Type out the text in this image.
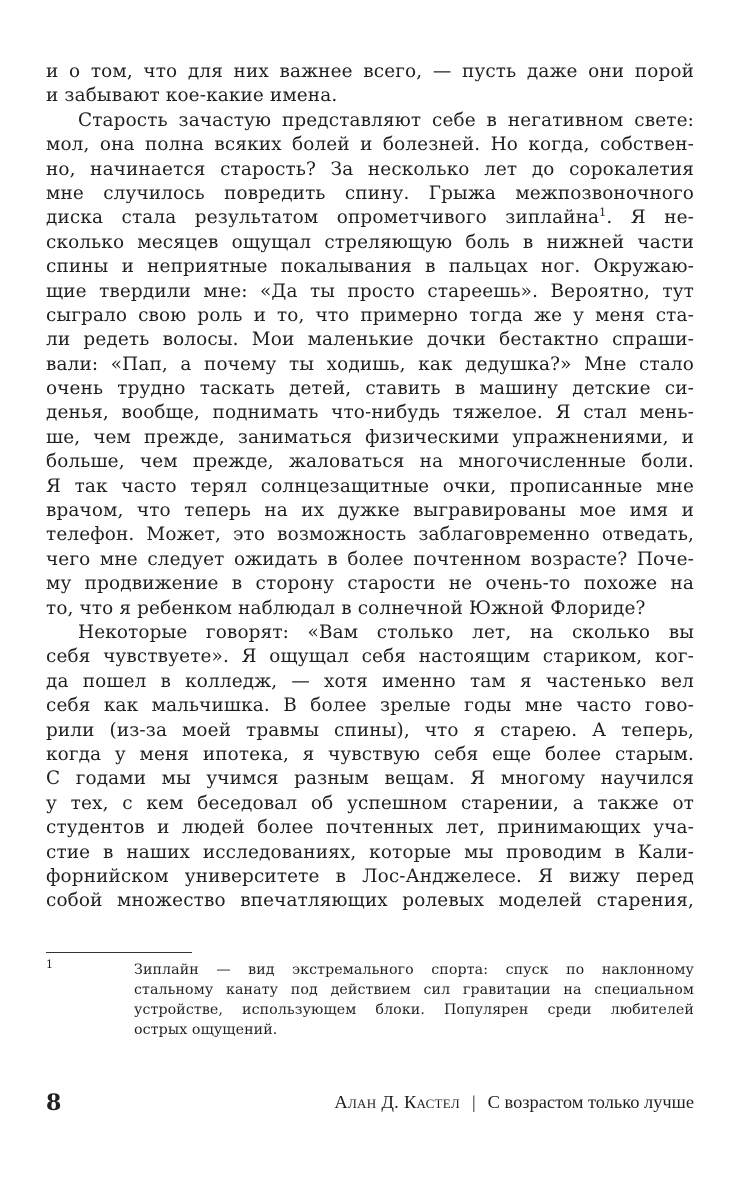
и о том, что для них важнее всего, — пусть даже они порой
и забывают кое-какие имена.
Старость зачастую представляют себе в негативном свете:
мол, она полна всяких болей и болезней. Но когда, собствен-
но, начинается старость? За несколько лет до сорокалетия
мне случилось повредить спину. Грыжа межпозвоночного
диска стала результатом опрометчивого зиплайна$^1$. Я не-
сколько месяцев ощущал стреляющую боль в нижней части
спины и неприятные покалывания в пальцах ног. Окружаю-
щие твердили мне: «Да ты просто стареешь». Вероятно, тут
сыграло свою роль и то, что примерно тогда же у меня ста-
ли редеть волосы. Мои маленькие дочки бестактно спраши-
вали: «Пап, а почему ты ходишь, как дедушка?» Мне стало
очень трудно таскать детей, ставить в машину детские си-
денья, вообще, поднимать что-нибудь тяжелое. Я стал мень-
ше, чем прежде, заниматься физическими упражнениями, и
больше, чем прежде, жаловаться на многочисленные боли.
Я так часто терял солнцезащитные очки, прописанные мне
врачом, что теперь на их дужке выгравированы мое имя и
телефон. Может, это возможность заблаговременно отведать,
чего мне следует ожидать в более почтенном возрасте? Поче-
му продвижение в сторону старости не очень-то похоже на
то, что я ребенком наблюдал в солнечной Южной Флориде?
Некоторые говорят: «Вам столько лет, на сколько вы
себя чувствуете». Я ощущал себя настоящим стариком, ког-
да пошел в колледж, — хотя именно там я частенько вел
себя как мальчишка. В более зрелые годы мне часто гово-
рили (из-за моей травмы спины), что я старею. А теперь,
когда у меня ипотека, я чувствую себя еще более старым.
С годами мы учимся разным вещам. Я многому научился
у тех, с кем беседовал об успешном старении, а также от
студентов и людей более почтенных лет, принимающих уча-
стие в наших исследованиях, которые мы проводим в Кали-
форнийском университете в Лос-Анджелесе. Я вижу перед
собой множество впечатляющих ролевых моделей старения,
1	Зиплайн — вид экстремального спорта: спуск по наклонному
стальному канату под действием сил гравитации на специальном
устройстве, использующем блоки. Популярен среди любителей
острых ощущений.
8	Алан Д. Кастел | С возрастом только лучше
